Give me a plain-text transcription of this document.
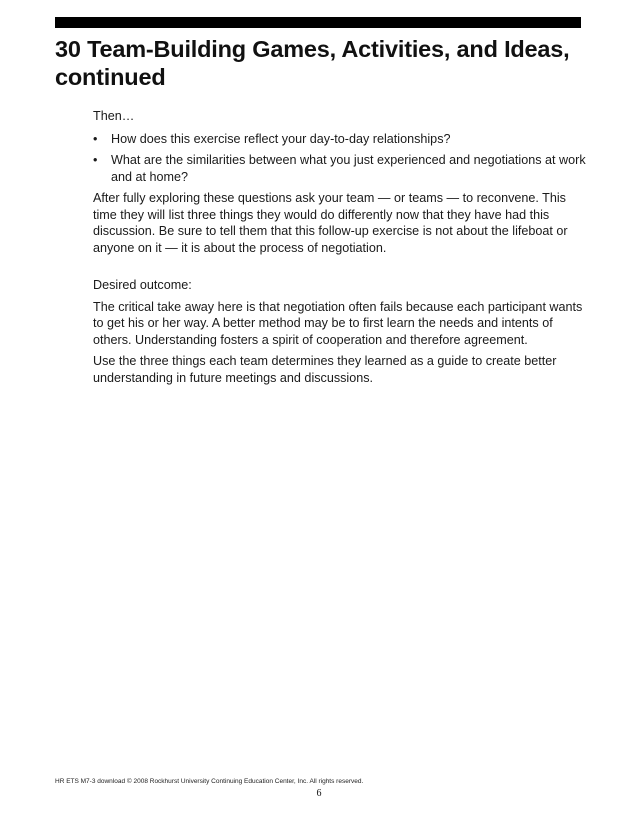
30 Team-Building Games, Activities, and Ideas, continued

Then…

• How does this exercise reflect your day-to-day relationships?
• What are the similarities between what you just experienced and negotiations at work and at home?

After fully exploring these questions ask your team — or teams — to reconvene. This time they will list three things they would do differently now that they have had this discussion. Be sure to tell them that this follow-up exercise is not about the lifeboat or anyone on it — it is about the process of negotiation.

Desired outcome:

The critical take away here is that negotiation often fails because each participant wants to get his or her way. A better method may be to first learn the needs and intents of others. Understanding fosters a spirit of cooperation and therefore agreement.

Use the three things each team determines they learned as a guide to create better understanding in future meetings and discussions.

HR ETS M7-3 download © 2008 Rockhurst University Continuing Education Center, Inc. All rights reserved.
6
